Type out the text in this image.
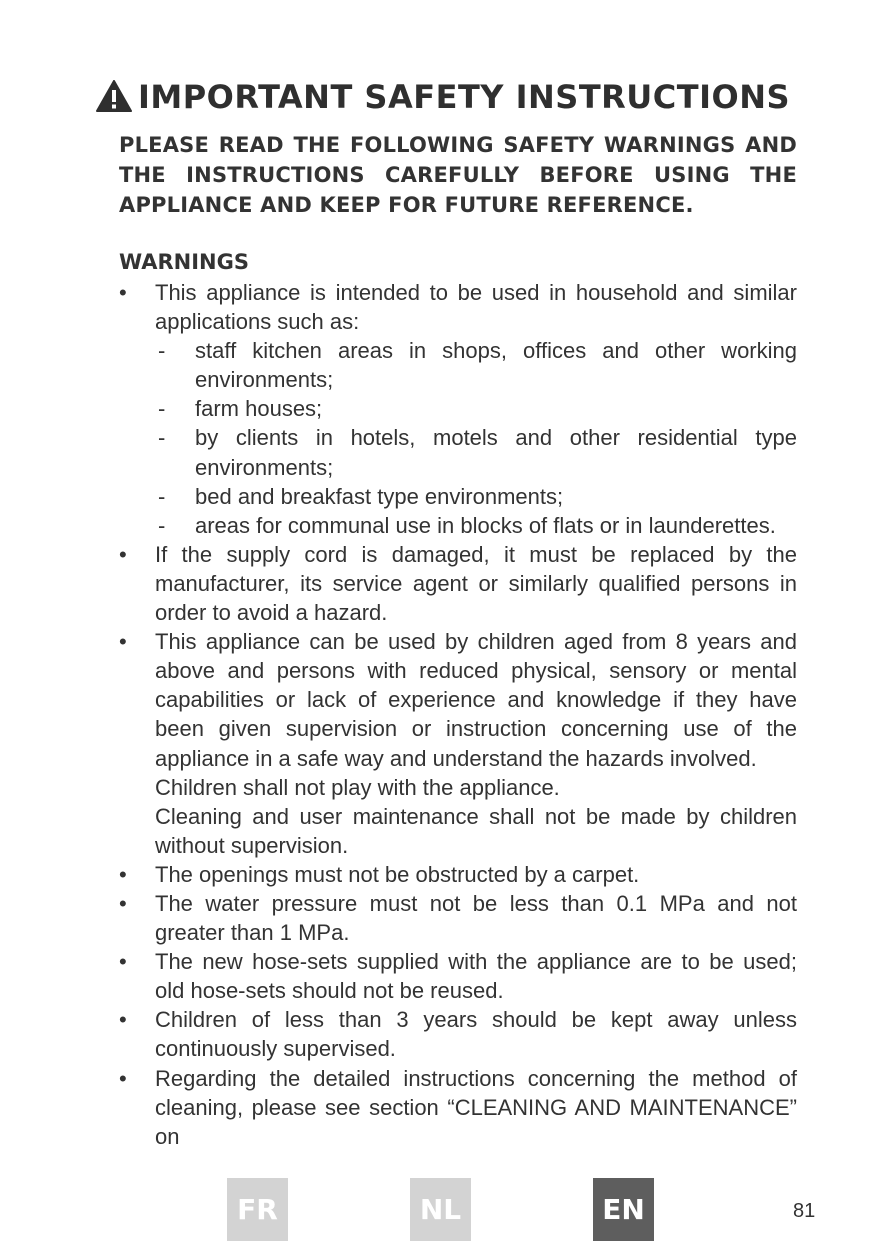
IMPORTANT SAFETY INSTRUCTIONS
PLEASE READ THE FOLLOWING SAFETY WARNINGS AND THE INSTRUCTIONS CAREFULLY BEFORE USING THE APPLIANCE AND KEEP FOR FUTURE REFERENCE.
WARNINGS
• This appliance is intended to be used in household and similar applications such as:
- staff kitchen areas in shops, offices and other working environments;
- farm houses;
- by clients in hotels, motels and other residential type environments;
- bed and breakfast type environments;
- areas for communal use in blocks of flats or in launderettes.
• If the supply cord is damaged, it must be replaced by the manufacturer, its service agent or similarly qualified persons in order to avoid a hazard.
• This appliance can be used by children aged from 8 years and above and persons with reduced physical, sensory or mental capabilities or lack of experience and knowledge if they have been given supervision or instruction concerning use of the appliance in a safe way and understand the hazards involved.
Children shall not play with the appliance.
Cleaning and user maintenance shall not be made by children without supervision.
• The openings must not be obstructed by a carpet.
• The water pressure must not be less than 0.1 MPa and not greater than 1 MPa.
• The new hose-sets supplied with the appliance are to be used; old hose-sets should not be reused.
• Children of less than 3 years should be kept away unless continuously supervised.
• Regarding the detailed instructions concerning the method of cleaning, please see section “CLEANING AND MAINTENANCE” on
FR	NL	EN	81
